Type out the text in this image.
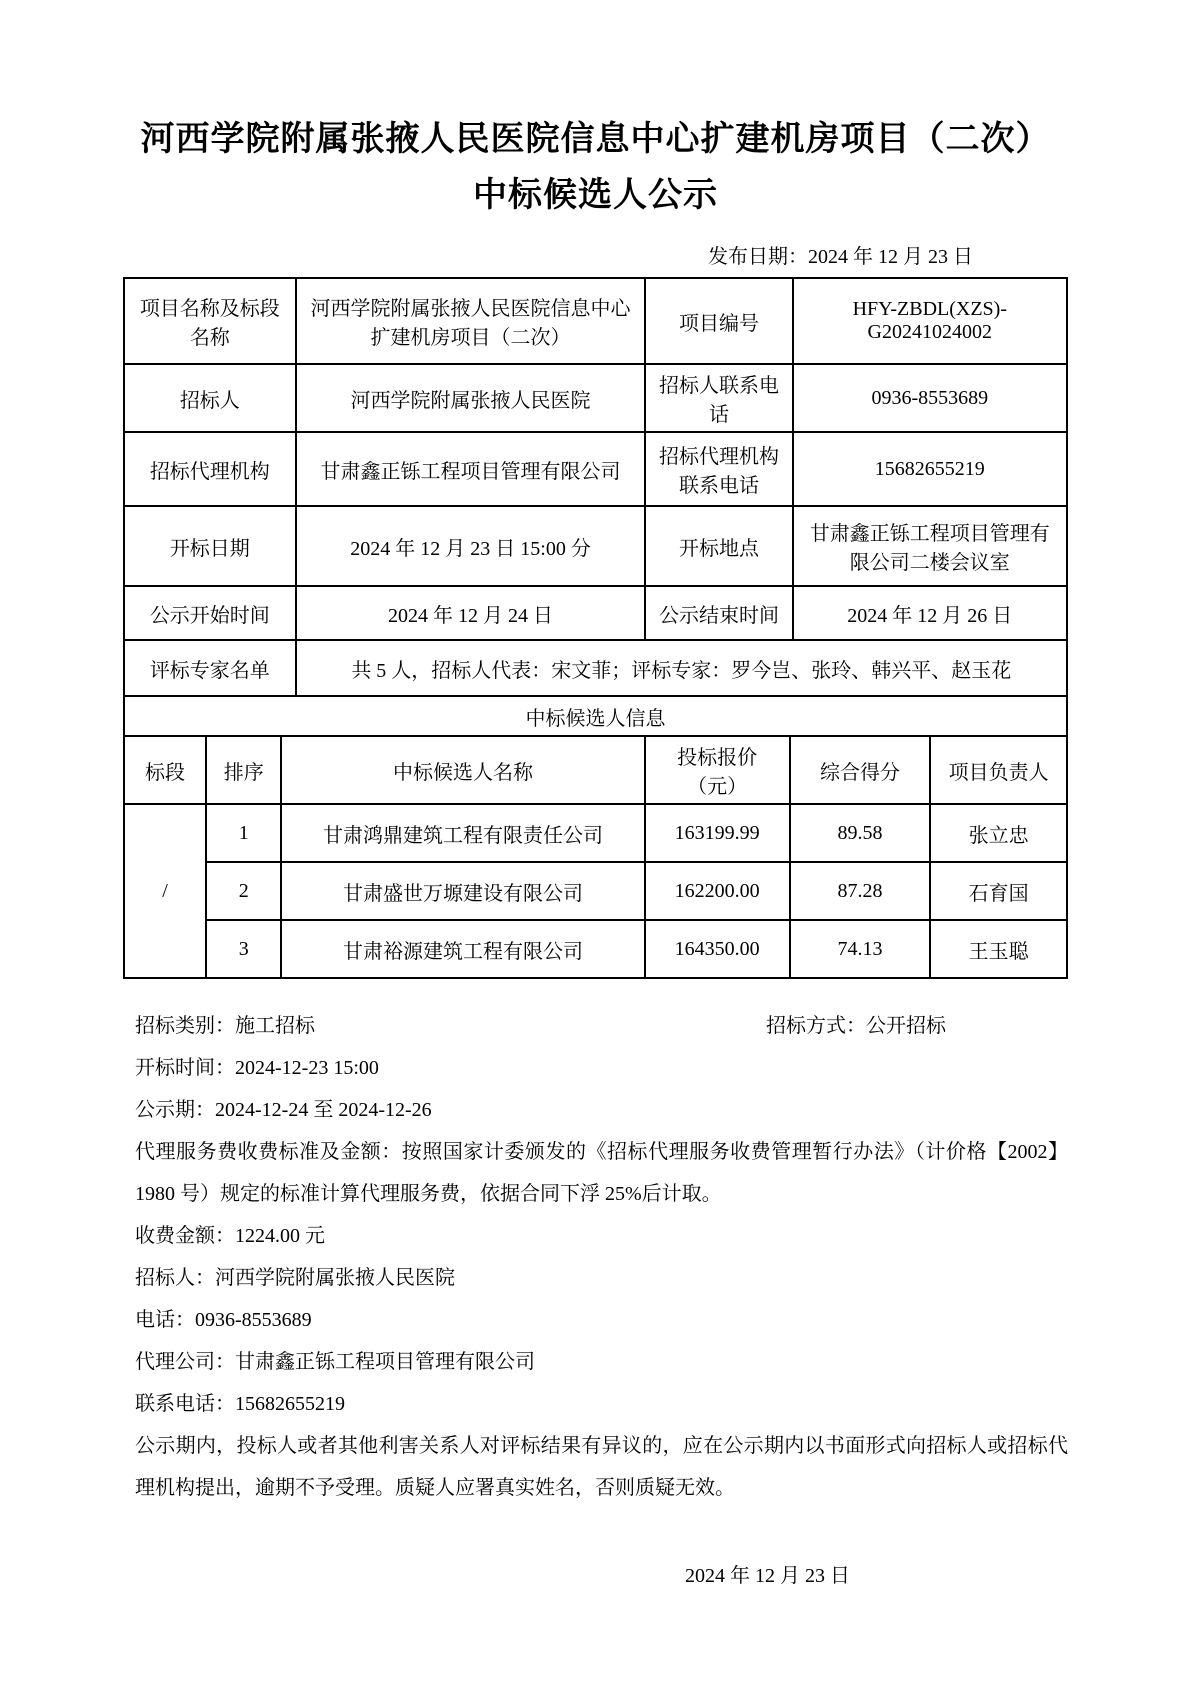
河西学院附属张掖人民医院信息中心扩建机房项目（二次）
中标候选人公示
发布日期：2024 年 12 月 23 日
项目名称及标段名称	河西学院附属张掖人民医院信息中心扩建机房项目（二次）	项目编号	HFY-ZBDL(XZS)-G20241024002
招标人	河西学院附属张掖人民医院	招标人联系电话	0936-8553689
招标代理机构	甘肃鑫正铄工程项目管理有限公司	招标代理机构联系电话	15682655219
开标日期	2024 年 12 月 23 日 15:00 分	开标地点	甘肃鑫正铄工程项目管理有限公司二楼会议室
公示开始时间	2024 年 12 月 24 日	公示结束时间	2024 年 12 月 26 日
评标专家名单	共 5 人，招标人代表：宋文菲；评标专家：罗今岂、张玲、韩兴平、赵玉花		
中标候选人信息					
标段	排序	中标候选人名称	投标报价（元）	综合得分	项目负责人
/	1	甘肃鸿鼎建筑工程有限责任公司	163199.99	89.58	张立忠
	2	甘肃盛世万塬建设有限公司	162200.00	87.28	石育国
	3	甘肃裕源建筑工程有限公司	164350.00	74.13	王玉聪
招标类别：施工招标	招标方式：公开招标
开标时间：2024-12-23 15:00
公示期：2024-12-24 至 2024-12-26

代理服务费收费标准及金额：按照国家计委颁发的《招标代理服务收费管理暂行办法》（计价格【2002】1980 号）规定的标准计算代理服务费，依据合同下浮 25%后计取。

收费金额：1224.00 元
招标人：河西学院附属张掖人民医院
电话：0936-8553689
代理公司：甘肃鑫正铄工程项目管理有限公司
联系电话：15682655219

公示期内，投标人或者其他利害关系人对评标结果有异议的，应在公示期内以书面形式向招标人或招标代理机构提出，逾期不予受理。质疑人应署真实姓名，否则质疑无效。

2024 年 12 月 23 日
